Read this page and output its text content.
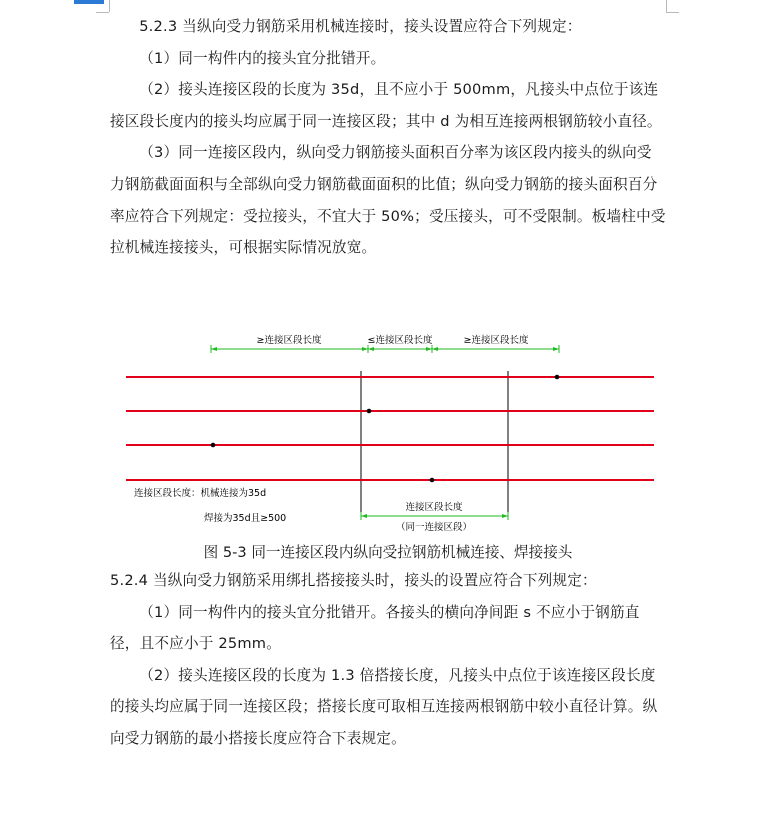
5.2.3 当纵向受力钢筋采用机械连接时，接头设置应符合下列规定：

（1）同一构件内的接头宜分批错开。

（2）接头连接区段的长度为 35d，且不应小于 500mm，凡接头中点位于该连接区段长度内的接头均应属于同一连接区段；其中 d 为相互连接两根钢筋较小直径。

（3）同一连接区段内，纵向受力钢筋接头面积百分率为该区段内接头的纵向受力钢筋截面面积与全部纵向受力钢筋截面面积的比值；纵向受力钢筋的接头面积百分率应符合下列规定：受拉接头，不宜大于 50%；受压接头，可不受限制。板墙柱中受拉机械连接接头，可根据实际情况放宽。

≥连接区段长度	≤连接区段长度	≥连接区段长度
连接区段长度：机械连接为35d
焊接为35d且≥500
连接区段长度
（同一连接区段）
图 5-3 同一连接区段内纵向受拉钢筋机械连接、焊接接头

5.2.4 当纵向受力钢筋采用绑扎搭接接头时，接头的设置应符合下列规定：

（1）同一构件内的接头宜分批错开。各接头的横向净间距 s 不应小于钢筋直径，且不应小于 25mm。

（2）接头连接区段的长度为 1.3 倍搭接长度，凡接头中点位于该连接区段长度的接头均应属于同一连接区段；搭接长度可取相互连接两根钢筋中较小直径计算。纵向受力钢筋的最小搭接长度应符合下表规定。
